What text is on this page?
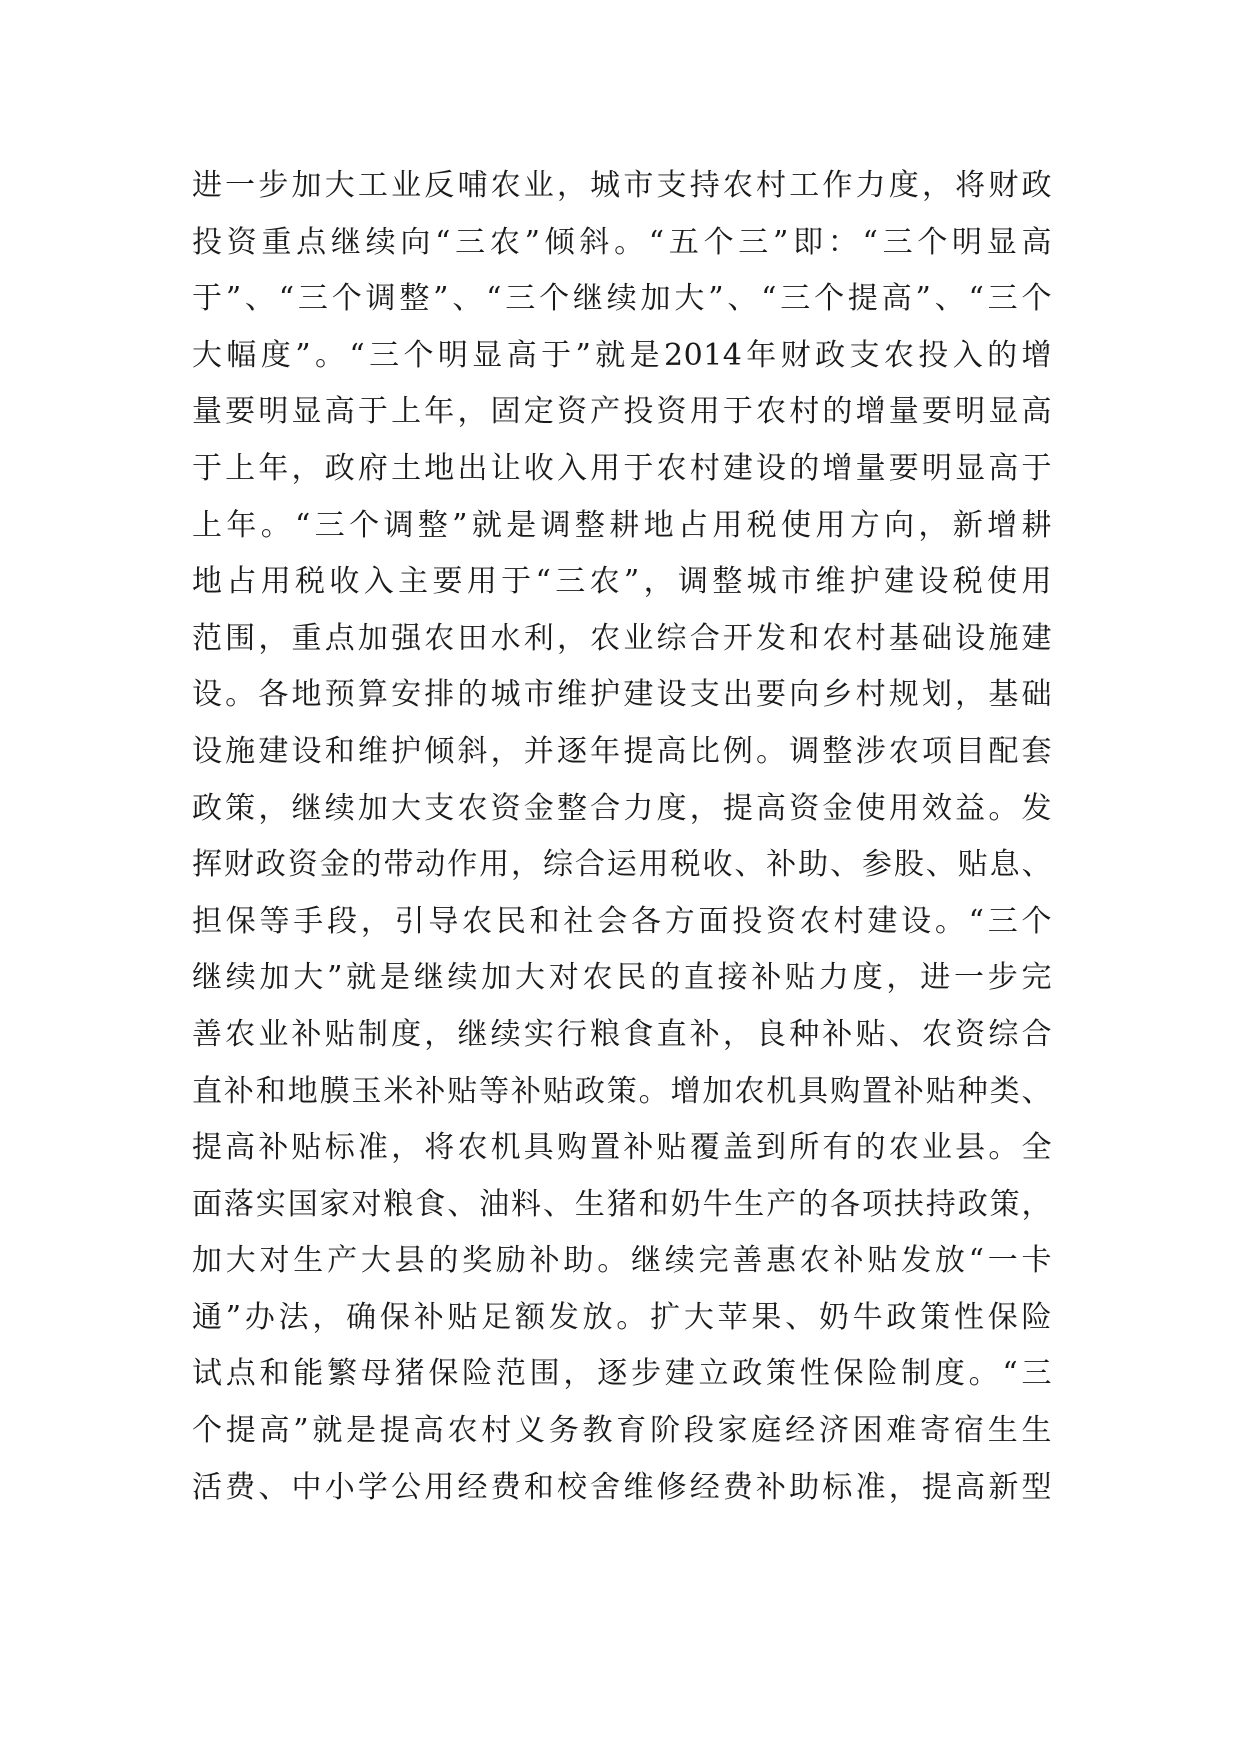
进一步加大工业反哺农业，城市支持农村工作力度，将财政
投资重点继续向“三农”倾斜。“五个三”即：“三个明显高
于”、“三个调整”、“三个继续加大”、“三个提高”、“三个
大幅度”。“三个明显高于”就是2014年财政支农投入的增
量要明显高于上年，固定资产投资用于农村的增量要明显高
于上年，政府土地出让收入用于农村建设的增量要明显高于
上年。“三个调整”就是调整耕地占用税使用方向，新增耕
地占用税收入主要用于“三农”，调整城市维护建设税使用
范围，重点加强农田水利，农业综合开发和农村基础设施建
设。各地预算安排的城市维护建设支出要向乡村规划，基础
设施建设和维护倾斜，并逐年提高比例。调整涉农项目配套
政策，继续加大支农资金整合力度，提高资金使用效益。发
挥财政资金的带动作用，综合运用税收、补助、参股、贴息、
担保等手段，引导农民和社会各方面投资农村建设。“三个
继续加大”就是继续加大对农民的直接补贴力度，进一步完
善农业补贴制度，继续实行粮食直补，良种补贴、农资综合
直补和地膜玉米补贴等补贴政策。增加农机具购置补贴种类、
提高补贴标准，将农机具购置补贴覆盖到所有的农业县。全
面落实国家对粮食、油料、生猪和奶牛生产的各项扶持政策，
加大对生产大县的奖励补助。继续完善惠农补贴发放“一卡
通”办法，确保补贴足额发放。扩大苹果、奶牛政策性保险
试点和能繁母猪保险范围，逐步建立政策性保险制度。“三
个提高”就是提高农村义务教育阶段家庭经济困难寄宿生生
活费、中小学公用经费和校舍维修经费补助标准，提高新型
